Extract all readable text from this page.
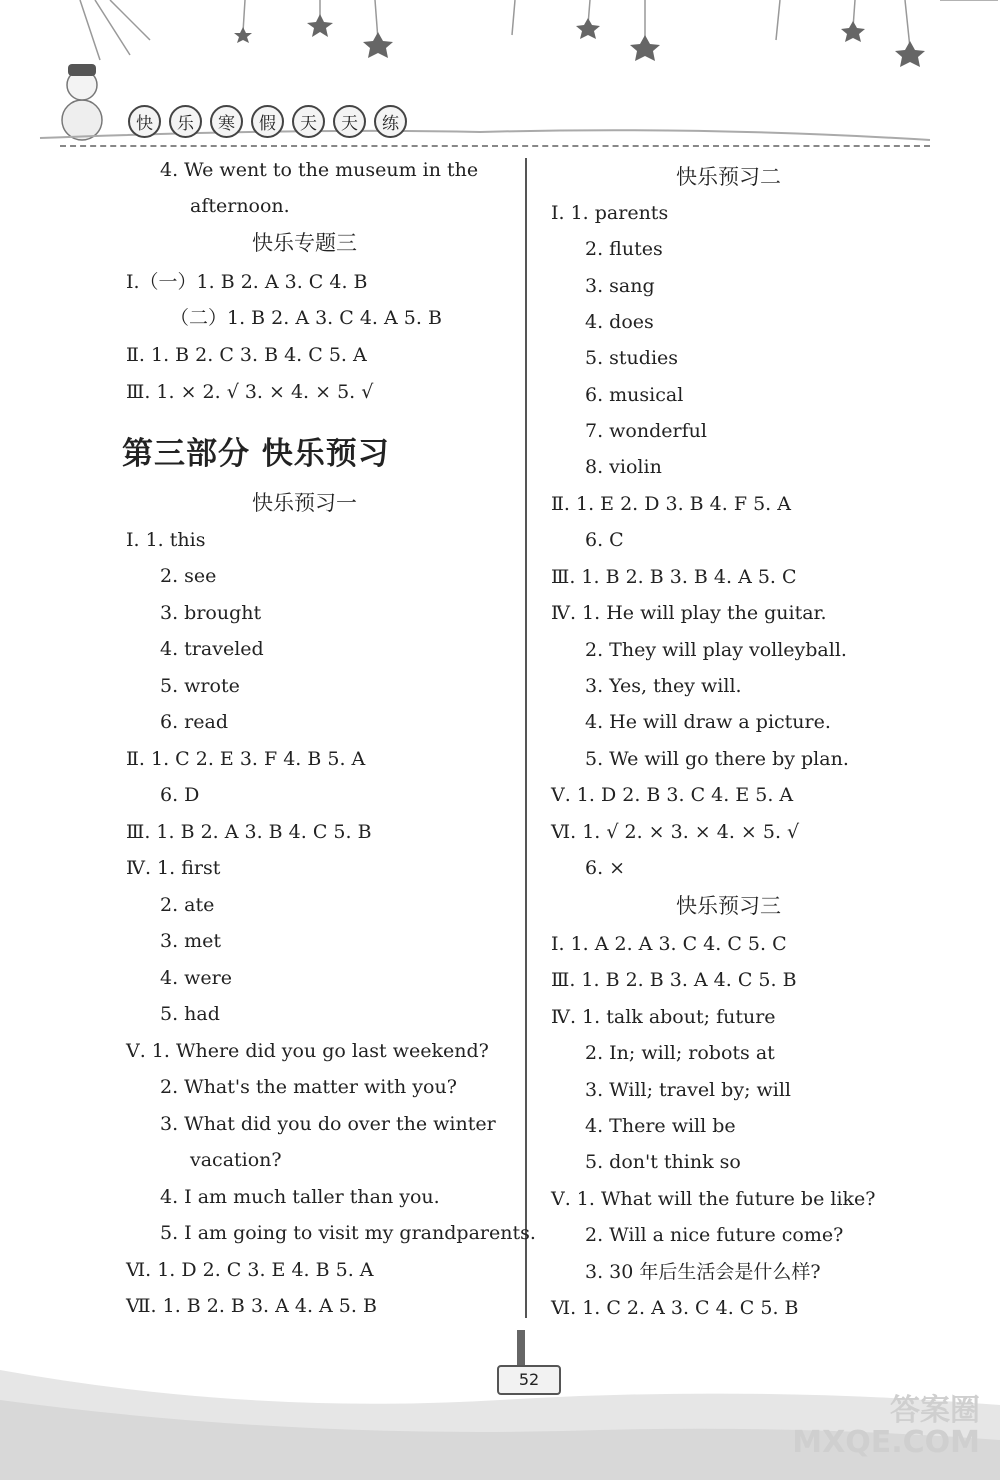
快	乐	寒	假	天	天	练
4. We went to the museum in the
afternoon.
快乐专题三
Ⅰ.（一）1. B 2. A 3. C 4. B
（二）1. B 2. A 3. C 4. A 5. B
Ⅱ. 1. B 2. C 3. B 4. C 5. A
Ⅲ. 1. × 2. √ 3. × 4. × 5. √
快乐预习一
Ⅰ. 1. this
2. see
3. brought
4. traveled
5. wrote
6. read
Ⅱ. 1. C 2. E 3. F 4. B 5. A
6. D
Ⅲ. 1. B 2. A 3. B 4. C 5. B
Ⅳ. 1. first
2. ate
3. met
4. were
5. had
Ⅴ. 1. Where did you go last weekend?
2. What's the matter with you?
3. What did you do over the winter
vacation?
4. I am much taller than you.
5. I am going to visit my grandparents.
Ⅵ. 1. D 2. C 3. E 4. B 5. A
Ⅶ. 1. B 2. B 3. A 4. A 5. B
第三部分 快乐预习
快乐预习二
Ⅰ. 1. parents
2. flutes
3. sang
4. does
5. studies
6. musical
7. wonderful
8. violin
Ⅱ. 1. E 2. D 3. B 4. F 5. A
6. C
Ⅲ. 1. B 2. B 3. B 4. A 5. C
Ⅳ. 1. He will play the guitar.
2. They will play volleyball.
3. Yes, they will.
4. He will draw a picture.
5. We will go there by plan.
Ⅴ. 1. D 2. B 3. C 4. E 5. A
Ⅵ. 1. √ 2. × 3. × 4. × 5. √
6. ×
快乐预习三
Ⅰ. 1. A 2. A 3. C 4. C 5. C
Ⅲ. 1. B 2. B 3. A 4. C 5. B
Ⅳ. 1. talk about; future
2. In; will; robots at
3. Will; travel by; will
4. There will be
5. don't think so
Ⅴ. 1. What will the future be like?
2. Will a nice future come?
3. 30 年后生活会是什么样?
Ⅵ. 1. C 2. A 3. C 4. C 5. B
52
答案圈
MXQE.COM
